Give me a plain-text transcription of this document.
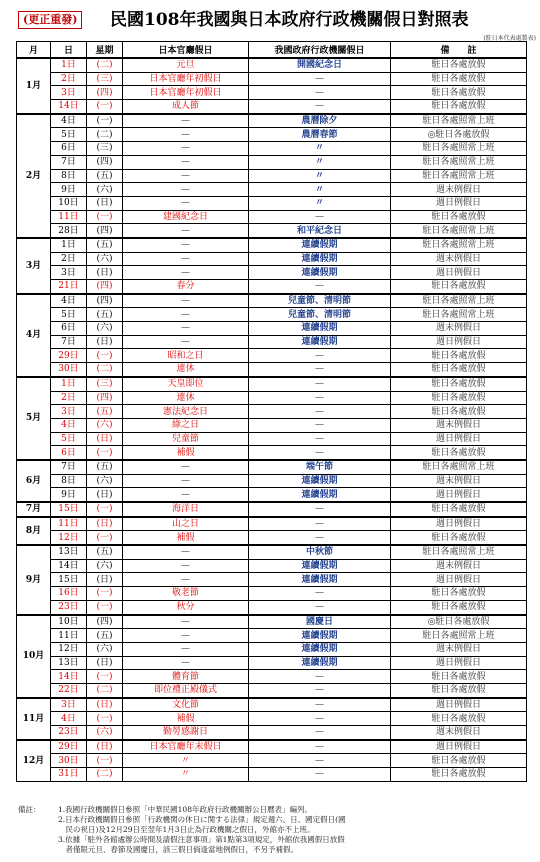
(更正重發) 民國108年我國與日本政府行政機關假日對照表
(駐日本代表處製表)
月	日	星期	日本官廳假日	我國政府行政機關假日	備　　註
1月	1日	(二)	元旦	開國紀念日	駐日各處放假
	2日	(三)	日本官廳年初假日	—	駐日各處放假
	3日	(四)	日本官廳年初假日	—	駐日各處放假
	14日	(一)	成人節	—	駐日各處放假
2月	4日	(一)	—	農曆除夕	駐日各處照常上班
	5日	(二)	—	農曆春節	◎駐日各處放假
	6日	(三)	—	〃	駐日各處照常上班
	7日	(四)	—	〃	駐日各處照常上班
	8日	(五)	—	〃	駐日各處照常上班
	9日	(六)	—	〃	週末例假日
	10日	(日)	—	〃	週日例假日
	11日	(一)	建國紀念日	—	駐日各處放假
	28日	(四)	—	和平紀念日	駐日各處照常上班
3月	1日	(五)	—	連續假期	駐日各處照常上班
	2日	(六)	—	連續假期	週末例假日
	3日	(日)	—	連續假期	週日例假日
	21日	(四)	春分	—	駐日各處放假
4月	4日	(四)	—	兒童節、清明節	駐日各處照常上班
	5日	(五)	—	兒童節、清明節	駐日各處照常上班
	6日	(六)	—	連續假期	週末例假日
	7日	(日)	—	連續假期	週日例假日
	29日	(一)	昭和之日	—	駐日各處放假
	30日	(二)	連休	—	駐日各處放假
5月	1日	(三)	天皇即位	—	駐日各處放假
	2日	(四)	連休	—	駐日各處放假
	3日	(五)	憲法紀念日	—	駐日各處放假
	4日	(六)	綠之日	—	週末例假日
	5日	(日)	兒童節	—	週日例假日
	6日	(一)	補假	—	駐日各處放假
6月	7日	(五)	—	端午節	駐日各處照常上班
	8日	(六)	—	連續假期	週末例假日
	9日	(日)	—	連續假期	週日例假日
7月	15日	(一)	海洋日	—	駐日各處放假
8月	11日	(日)	山之日	—	週日例假日
	12日	(一)	補假	—	駐日各處放假
9月	13日	(五)	—	中秋節	駐日各處照常上班
	14日	(六)	—	連續假期	週末例假日
	15日	(日)	—	連續假期	週日例假日
	16日	(一)	敬老節	—	駐日各處放假
	23日	(一)	秋分	—	駐日各處放假
10月	10日	(四)	—	國慶日	◎駐日各處放假
	11日	(五)	—	連續假期	駐日各處照常上班
	12日	(六)	—	連續假期	週末例假日
	13日	(日)	—	連續假期	週日例假日
	14日	(一)	體育節	—	駐日各處放假
	22日	(二)	即位禮正殿儀式	—	駐日各處放假
11月	3日	(日)	文化節	—	週日例假日
	4日	(一)	補假	—	駐日各處放假
	23日	(六)	勤勞感謝日	—	週末例假日
12月	29日	(日)	日本官廳年末假日	—	週日例假日
	30日	(一)	〃	—	駐日各處放假
	31日	(二)	〃	—	駐日各處放假
備註： 1.我國行政機關假日參照「中華民國108年政府行政機關辦公日曆表」編列。
2.日本行政機關假日參照「行政機関の休日に関する法律」規定週六、日、國定假日(國
　民の祝日)及12月29日至翌年1月3日止為行政機關之假日，外館亦不上班。
3.依據「駐外各館處辦公時間及請假注意事項」第1點第3項規定，外館依我國假日放假
　者僅限元旦、春節及國慶日，該三假日倘逢當地例假日，不另予補假。
